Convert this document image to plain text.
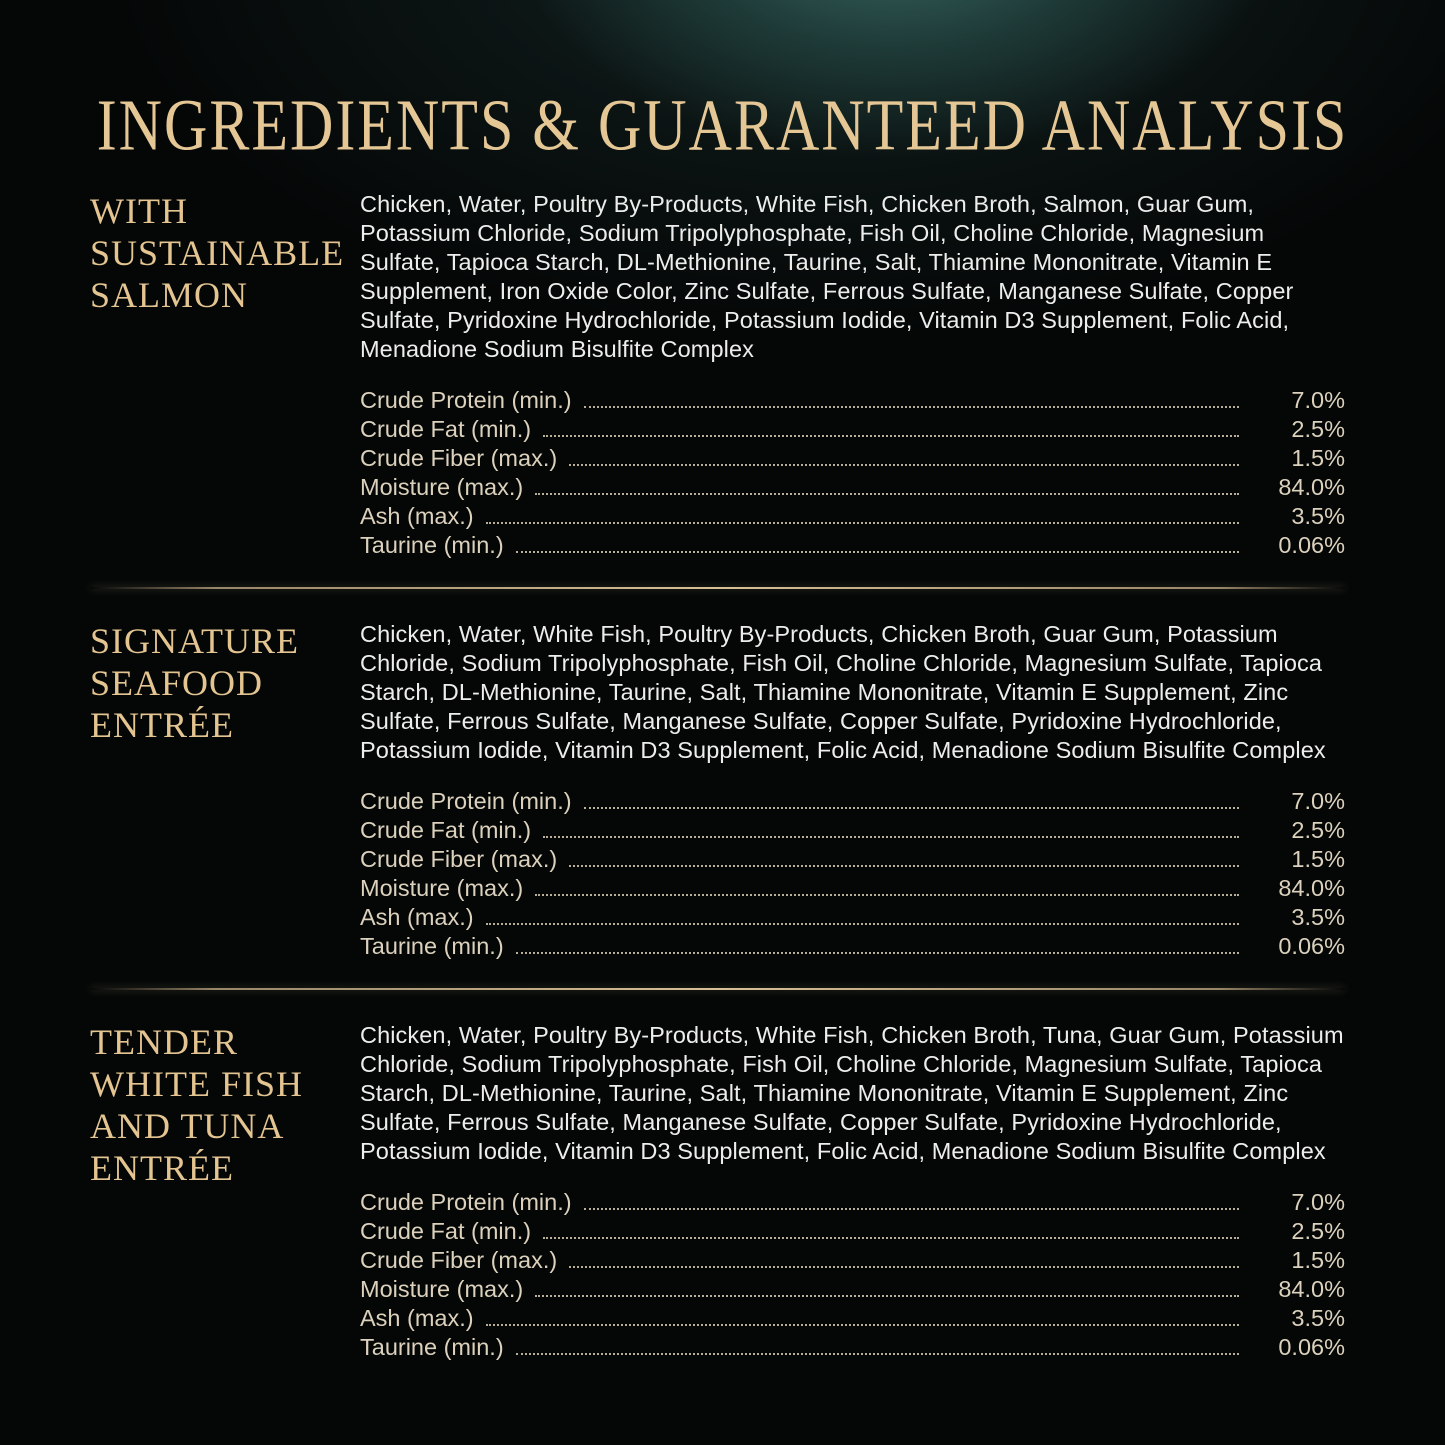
INGREDIENTS & GUARANTEED ANALYSIS
WITH
SUSTAINABLE
SALMON

Chicken, Water, Poultry By-Products, White Fish, Chicken Broth, Salmon, Guar Gum, Potassium Chloride, Sodium Tripolyphosphate, Fish Oil, Choline Chloride, Magnesium Sulfate, Tapioca Starch, DL-Methionine, Taurine, Salt, Thiamine Mononitrate, Vitamin E Supplement, Iron Oxide Color, Zinc Sulfate, Ferrous Sulfate, Manganese Sulfate, Copper Sulfate, Pyridoxine Hydrochloride, Potassium Iodide, Vitamin D3 Supplement, Folic Acid, Menadione Sodium Bisulfite Complex

Crude Protein (min.)	7.0%
Crude Fat (min.)	2.5%
Crude Fiber (max.)	1.5%
Moisture (max.)	84.0%
Ash (max.)	3.5%
Taurine (min.)	0.06%
SIGNATURE
SEAFOOD
ENTRÉE

Chicken, Water, White Fish, Poultry By-Products, Chicken Broth, Guar Gum, Potassium Chloride, Sodium Tripolyphosphate, Fish Oil, Choline Chloride, Magnesium Sulfate, Tapioca Starch, DL-Methionine, Taurine, Salt, Thiamine Mononitrate, Vitamin E Supplement, Zinc Sulfate, Ferrous Sulfate, Manganese Sulfate, Copper Sulfate, Pyridoxine Hydrochloride, Potassium Iodide, Vitamin D3 Supplement, Folic Acid, Menadione Sodium Bisulfite Complex

Crude Protein (min.)	7.0%
Crude Fat (min.)	2.5%
Crude Fiber (max.)	1.5%
Moisture (max.)	84.0%
Ash (max.)	3.5%
Taurine (min.)	0.06%
TENDER
WHITE FISH
AND TUNA
ENTRÉE

Chicken, Water, Poultry By-Products, White Fish, Chicken Broth, Tuna, Guar Gum, Potassium Chloride, Sodium Tripolyphosphate, Fish Oil, Choline Chloride, Magnesium Sulfate, Tapioca Starch, DL-Methionine, Taurine, Salt, Thiamine Mononitrate, Vitamin E Supplement, Zinc Sulfate, Ferrous Sulfate, Manganese Sulfate, Copper Sulfate, Pyridoxine Hydrochloride, Potassium Iodide, Vitamin D3 Supplement, Folic Acid, Menadione Sodium Bisulfite Complex

Crude Protein (min.)	7.0%
Crude Fat (min.)	2.5%
Crude Fiber (max.)	1.5%
Moisture (max.)	84.0%
Ash (max.)	3.5%
Taurine (min.)	0.06%
